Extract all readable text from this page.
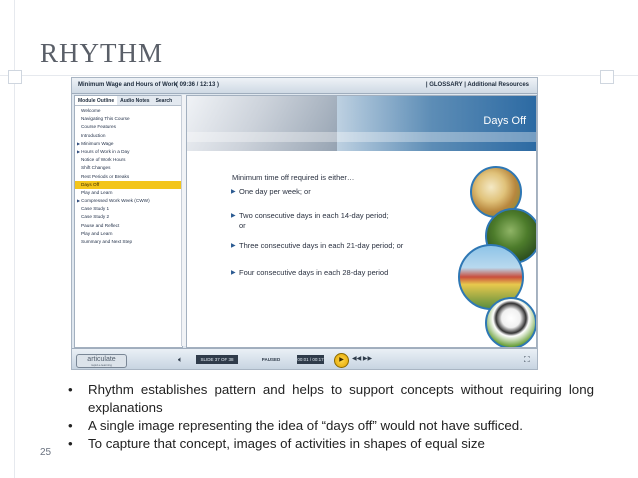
RHYTHM
Minimum Wage and Hours of Work
( 09:36 / 12:13 )	| GLOSSARY | Additional Resources
Module Outline	Audio Notes	Search
Welcome
Navigating This Course
Course Features
Introduction
▶Minimum Wage
▶Hours of Work in a Day
Notice of Work Hours
Shift Changes
Rest Periods or Breaks
Days Off
Play and Learn
▶Compressed Work Week (CWW)
Case Study 1
Case Study 2
Pause and Reflect
Play and Learn
Summary and Next Step
Days Off
Minimum time off required is either…
▶ One day per week; or
▶ Two consecutive days in each 14-day period;
or
▶ Three consecutive days in each 21-day period; or
▶ Four consecutive days in each 28-day period
articulate
rapid e-learning
🔈︎	SLIDE 37 OF 38	PAUSED	00:01 / 00:17	▶	◀◀ ▶▶	⛶
• Rhythm establishes pattern and helps to support concepts without requiring long explanations
• A single image representing the idea of “days off” would not have sufficed.
• To capture that concept, images of activities in shapes of equal size
25
